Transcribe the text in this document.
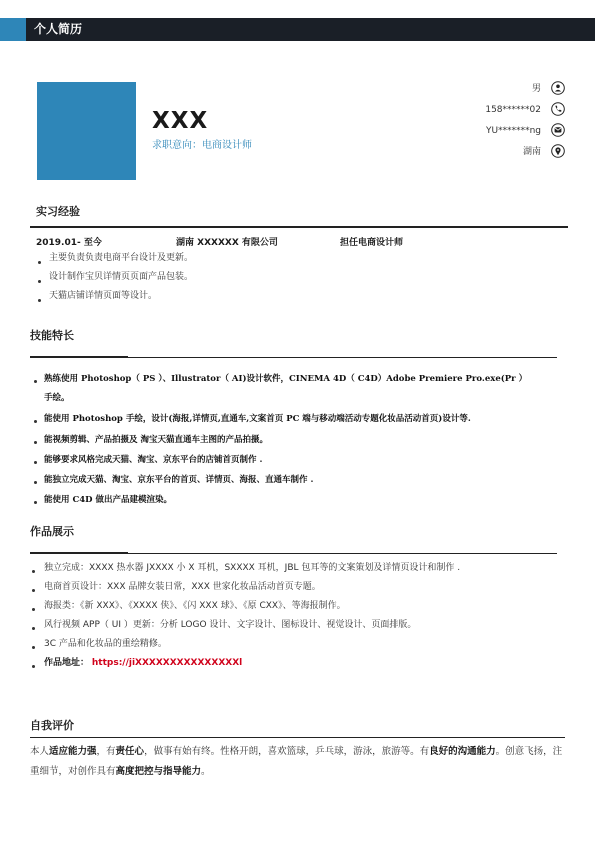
个人简历
XXX
求职意向：电商设计师
男
158******02
YU*******ng
湖南
实习经验
2019.01- 至今	湖南 XXXXXX 有限公司	担任电商设计师
主要负责负责电商平台设计及更新。
设计制作宝贝详情页页面产品包装。
天猫店铺详情页面等设计。
技能特长
熟练使用 Photoshop（ PS ）、Illustrator（ AI)设计软件，CINEMA 4D（ C4D）Adobe Premiere Pro.exe(Pr ）
手绘。
能使用 Photoshop 手绘，设计(海报,详情页,直通车,文案首页 PC 端与移动端活动专题化妆品活动首页)设计等.
能视频剪辑、产品拍摄及 淘宝天猫直通车主图的产品拍摄。
能够要求风格完成天猫、淘宝、京东平台的店铺首页制作 .
能独立完成天猫、淘宝、京东平台的首页、详情页、海报、直通车制作 .
能使用 C4D 做出产品建模渲染。
作品展示
独立完成：XXXX 热水器 JXXXX 小 X 耳机，SXXXX 耳机，JBL 包耳等的文案策划及详情页设计和制作 .
电商首页设计：XXX 品牌女装日常，XXX 世家化妆品活动首页专题。
海报类：《新 XXX》、《XXXX 侠》、《闪 XXX 球》、《原 CXX》、等海报制作。
风行视频 APP（ UI ）更新：分析 LOGO 设计、文字设计、图标设计、视觉设计、页面排版。
3C 产品和化妆品的重绘精修。
作品地址： https://jiXXXXXXXXXXXXXXXl
自我评价
本人适应能力强，有责任心，做事有始有终。性格开朗，喜欢篮球，乒乓球，游泳，旅游等。有良好的沟通能力。创意飞扬，注重细节，对创作具有高度把控与指导能力。
